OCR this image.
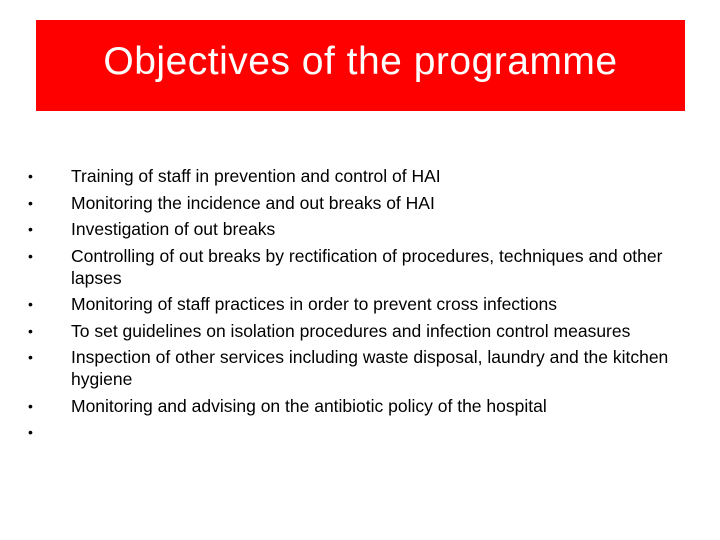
Objectives of the programme
•	Training of staff in prevention and control of HAI
•	Monitoring the incidence and out breaks of HAI
•	Investigation of out breaks
•	Controlling of out breaks by rectification of procedures, techniques and other lapses
•	Monitoring of staff practices in order to prevent cross infections
•	To set guidelines on isolation procedures and infection control measures
•	Inspection of other services including waste disposal, laundry and the kitchen hygiene
•	Monitoring and advising on the antibiotic policy of the hospital
•
